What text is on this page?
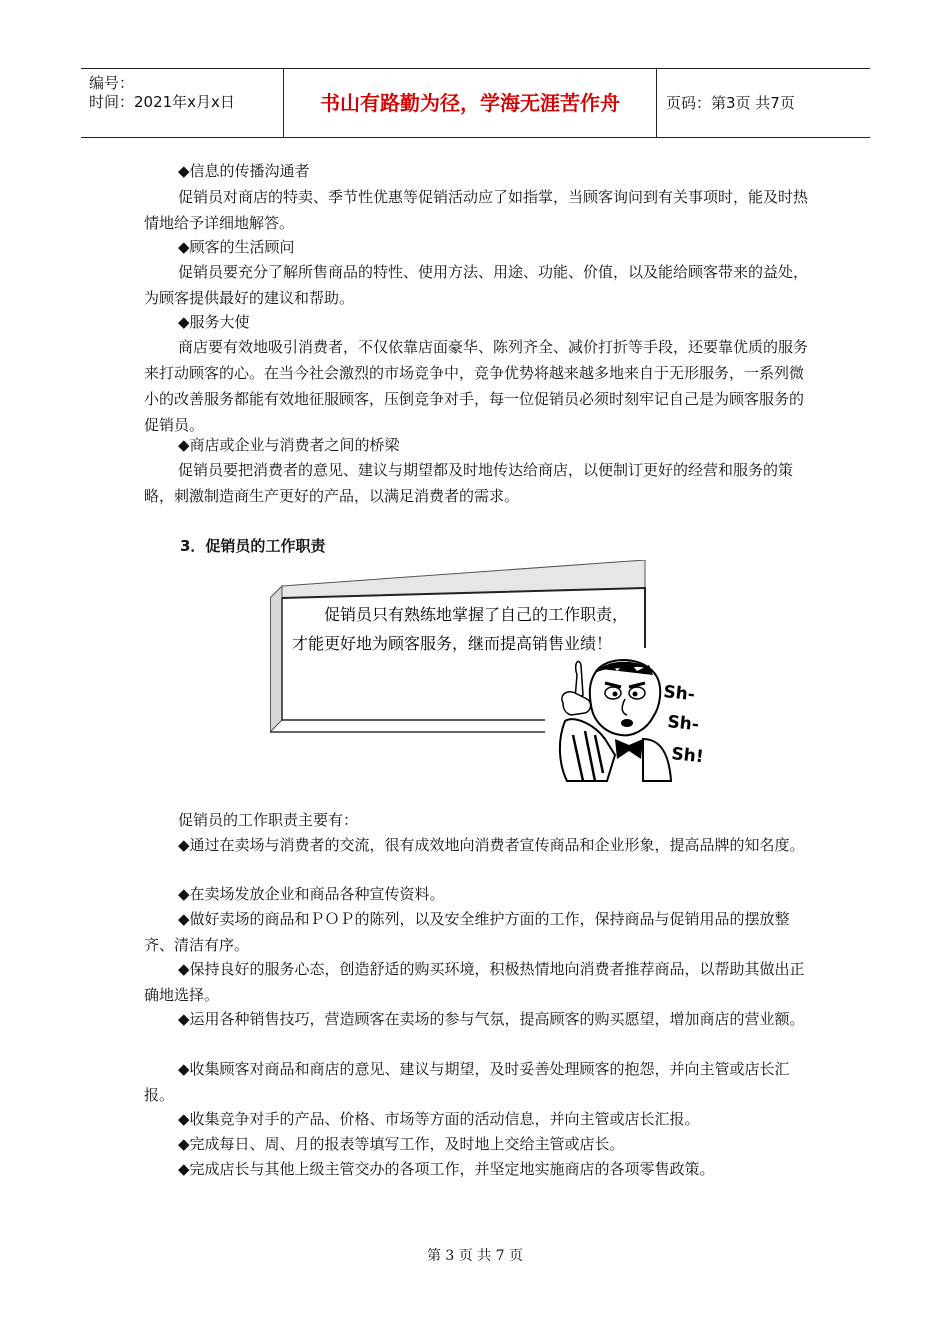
编号：
时间：2021年x月x日	书山有路勤为径，学海无涯苦作舟	页码：第3页 共7页

◆信息的传播沟通者

促销员对商店的特卖、季节性优惠等促销活动应了如指掌，当顾客询问到有关事项时，能及时热情地给予详细地解答。

◆顾客的生活顾问

促销员要充分了解所售商品的特性、使用方法、用途、功能、价值，以及能给顾客带来的益处，为顾客提供最好的建议和帮助。

◆服务大使

商店要有效地吸引消费者，不仅依靠店面豪华、陈列齐全、减价打折等手段，还要靠优质的服务来打动顾客的心。在当今社会激烈的市场竞争中，竞争优势将越来越多地来自于无形服务，一系列微小的改善服务都能有效地征服顾客，压倒竞争对手，每一位促销员必须时刻牢记自己是为顾客服务的促销员。

◆商店或企业与消费者之间的桥梁

促销员要把消费者的意见、建议与期望都及时地传达给商店，以便制订更好的经营和服务的策略，刺激制造商生产更好的产品，以满足消费者的需求。

3．促销员的工作职责
促销员只有熟练地掌握了自己的工作职责，才能更好地为顾客服务，继而提高销售业绩！
Sh-
Sh-
Sh!

促销员的工作职责主要有：

◆通过在卖场与消费者的交流，很有成效地向消费者宣传商品和企业形象，提高品牌的知名度。

◆在卖场发放企业和商品各种宣传资料。

◆做好卖场的商品和ＰＯＰ的陈列，以及安全维护方面的工作，保持商品与促销用品的摆放整齐、清洁有序。

◆保持良好的服务心态，创造舒适的购买环境，积极热情地向消费者推荐商品，以帮助其做出正确地选择。

◆运用各种销售技巧，营造顾客在卖场的参与气氛，提高顾客的购买愿望，增加商店的营业额。

◆收集顾客对商品和商店的意见、建议与期望，及时妥善处理顾客的抱怨，并向主管或店长汇报。

◆收集竞争对手的产品、价格、市场等方面的活动信息，并向主管或店长汇报。

◆完成每日、周、月的报表等填写工作，及时地上交给主管或店长。

◆完成店长与其他上级主管交办的各项工作，并坚定地实施商店的各项零售政策。

第 3 页 共 7 页
